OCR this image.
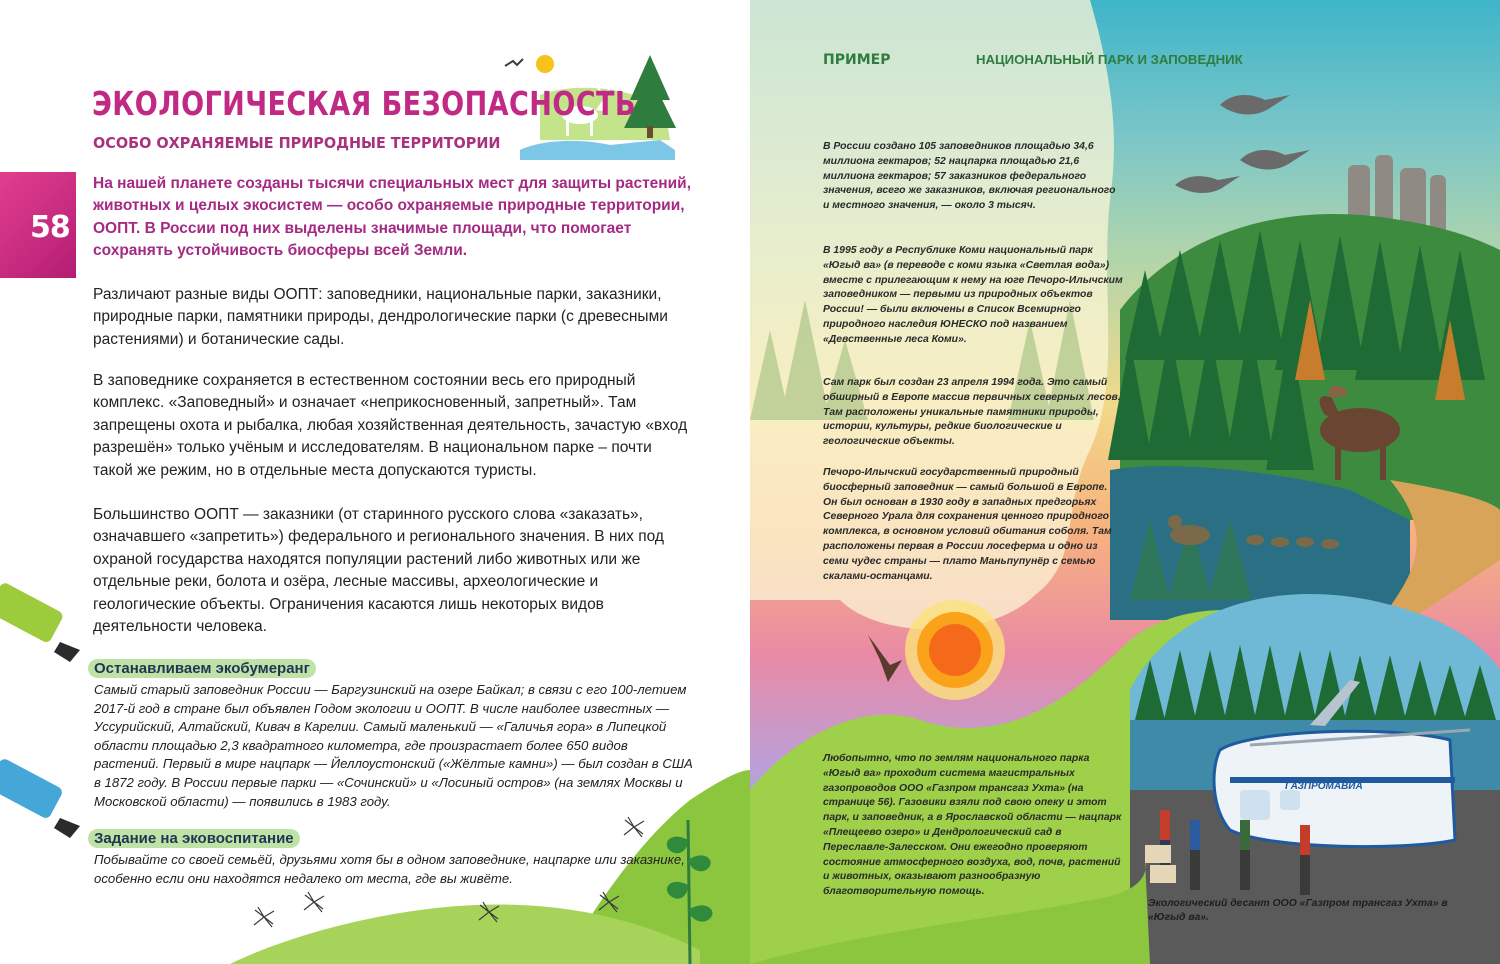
58
ЭКОЛОГИЧЕСКАЯ БЕЗОПАСНОСТЬ
ОСОБО ОХРАНЯЕМЫЕ ПРИРОДНЫЕ ТЕРРИТОРИИ
На нашей планете созданы тысячи специальных мест для защиты растений, животных и целых экосистем — особо охраняемые природные территории, ООПТ. В России под них выделены значимые площади, что помогает сохранять устойчивость биосферы всей Земли.
Различают разные виды ООПТ: заповедники, национальные парки, заказники, природные парки, памятники природы, дендрологические парки (с древесными растениями) и ботанические сады.
В заповеднике сохраняется в естественном состоянии весь его природный комплекс. «Заповедный» и означает «неприкосновенный, запретный». Там запрещены охота и рыбалка, любая хозяйственная деятельность, зачастую «вход разрешён» только учёным и исследователям. В национальном парке – почти такой же режим, но в отдельные места допускаются туристы.
Большинство ООПТ — заказники (от старинного русского слова «заказать», означавшего «запретить») федерального и регионального значения. В них под охраной государства находятся популяции растений либо животных или же отдельные реки, болота и озёра, лесные массивы, археологические и геологические объекты. Ограничения касаются лишь некоторых видов деятельности человека.
Останавливаем экобумеранг
Самый старый заповедник России — Баргузинский на озере Байкал; в связи с его 100-летием 2017-й год в стране был объявлен Годом экологии и ООПТ. В числе наиболее известных — Уссурийский, Алтайский, Кивач в Карелии. Самый маленький — «Галичья гора» в Липецкой области площадью 2,3 квадратного километра, где произрастает более 650 видов растений. Первый в мире нацпарк — Йеллоустонский («Жёлтые камни») — был создан в США в 1872 году. В России первые парки — «Сочинский» и «Лосиный остров» (на землях Москвы и Московской области) — появились в 1983 году.
Задание на эковоспитание
Побывайте со своей семьёй, друзьями хотя бы в одном заповеднике, нацпарке или заказнике, особенно если они находятся недалеко от места, где вы живёте.
ПРИМЕР	НАЦИОНАЛЬНЫЙ ПАРК И ЗАПОВЕДНИК
В России создано 105 заповедников площадью 34,6 миллиона гектаров; 52 нацпарка площадью 21,6 миллиона гектаров; 57 заказников федерального значения, всего же заказников, включая регионального и местного значения, — около 3 тысяч.
В 1995 году в Республике Коми национальный парк «Югыд ва» (в переводе с коми языка «Светлая вода») вместе с прилегающим к нему на юге Печоро-Илычским заповедником — первыми из природных объектов России! — были включены в Список Всемирного природного наследия ЮНЕСКО под названием «Девственные леса Коми».
Сам парк был создан 23 апреля 1994 года. Это самый обширный в Европе массив первичных северных лесов. Там расположены уникальные памятники природы, истории, культуры, редкие биологические и геологические объекты.
Печоро-Илычский государственный природный биосферный заповедник — самый большой в Европе. Он был основан в 1930 году в западных предгорьях Северного Урала для сохранения ценного природного комплекса, в основном условий обитания соболя. Там расположены первая в России лосеферма и одно из семи чудес страны — плато Маньпупунёр с семью скалами-останцами.
Любопытно, что по землям национального парка «Югыд ва» проходит система магистральных газопроводов ООО «Газпром трансгаз Ухта» (на странице 56). Газовики взяли под свою опеку и этот парк, и заповедник, а в Ярославской области — нацпарк «Плещеево озеро» и Дендрологический сад в Переславле-Залесском. Они ежегодно проверяют состояние атмосферного воздуха, вод, почв, растений и животных, оказывают разнообразную благотворительную помощь.
ГАЗПРОМАВИА
Экологический десант ООО «Газпром трансгаз Ухта» в «Югыд ва».
